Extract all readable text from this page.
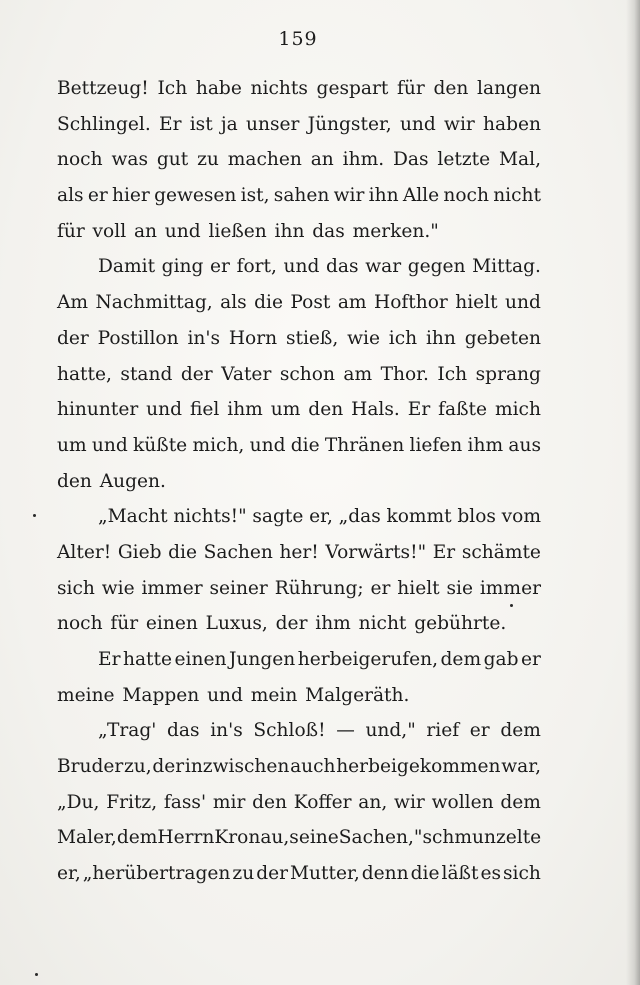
159
Bettzeug! Ich habe nichts gespart für den langen
Schlingel. Er ist ja unser Jüngster, und wir haben
noch was gut zu machen an ihm. Das letzte Mal,
als er hier gewesen ist, sahen wir ihn Alle noch nicht
für voll an und ließen ihn das merken."
Damit ging er fort, und das war gegen Mittag.
Am Nachmittag, als die Post am Hofthor hielt und
der Postillon in's Horn stieß, wie ich ihn gebeten
hatte, stand der Vater schon am Thor. Ich sprang
hinunter und fiel ihm um den Hals. Er faßte mich
um und küßte mich, und die Thränen liefen ihm aus
den Augen.
„Macht nichts!" sagte er, „das kommt blos vom
Alter! Gieb die Sachen her! Vorwärts!" Er schämte
sich wie immer seiner Rührung; er hielt sie immer
noch für einen Luxus, der ihm nicht gebührte.
Er hatte einen Jungen herbeigerufen, dem gab er
meine Mappen und mein Malgeräth.
„Trag' das in's Schloß! — und," rief er dem
Bruder zu, der inzwischen auch herbeigekommen war,
„Du, Fritz, fass' mir den Koffer an, wir wollen dem
Maler, dem Herrn Kronau, seine Sachen," schmunzelte
er, „herübertragen zu der Mutter, denn die läßt es sich
